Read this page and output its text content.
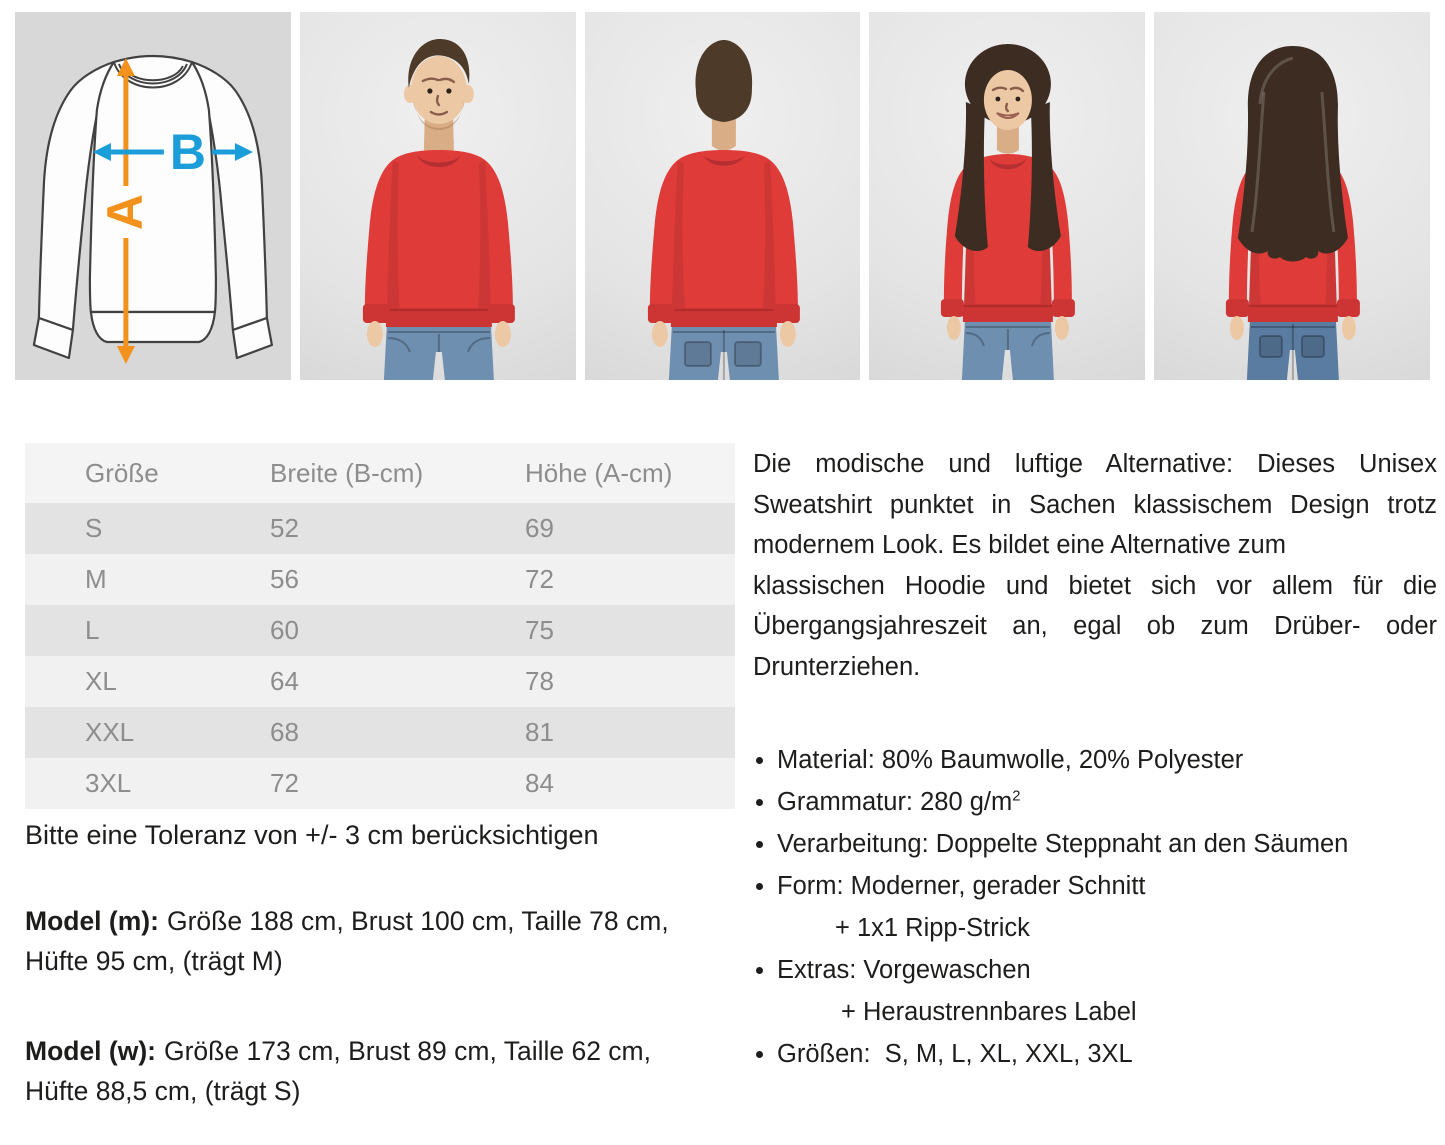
A
B
Größe	Breite (B-cm)	Höhe (A-cm)
S	52	69
M	56	72
L	60	75
XL	64	78
XXL	68	81
3XL	72	84

Bitte eine Toleranz von +/- 3 cm berücksichtigen

Model (m): Größe 188 cm, Brust 100 cm, Taille 78 cm,
Hüfte 95 cm, (trägt M)

Model (w): Größe 173 cm, Brust 89 cm, Taille 62 cm,
Hüfte 88,5 cm, (trägt S)

Die modische und luftige Alternative: Dieses Unisex
Sweatshirt punktet in Sachen klassischem Design trotz
modernem Look. Es bildet eine Alternative zum
klassischen Hoodie und bietet sich vor allem für die
Übergangsjahreszeit an, egal ob zum Drüber- oder
Drunterziehen.
Material: 80% Baumwolle, 20% Polyester
Grammatur: 280 $g/m^2$
Verarbeitung: Doppelte Steppnaht an den Säumen
Form: Moderner, gerader Schnitt
+ 1x1 Ripp-Strick
Extras: Vorgewaschen
+ Heraustrennbares Label
Größen:  S, M, L, XL, XXL, 3XL
